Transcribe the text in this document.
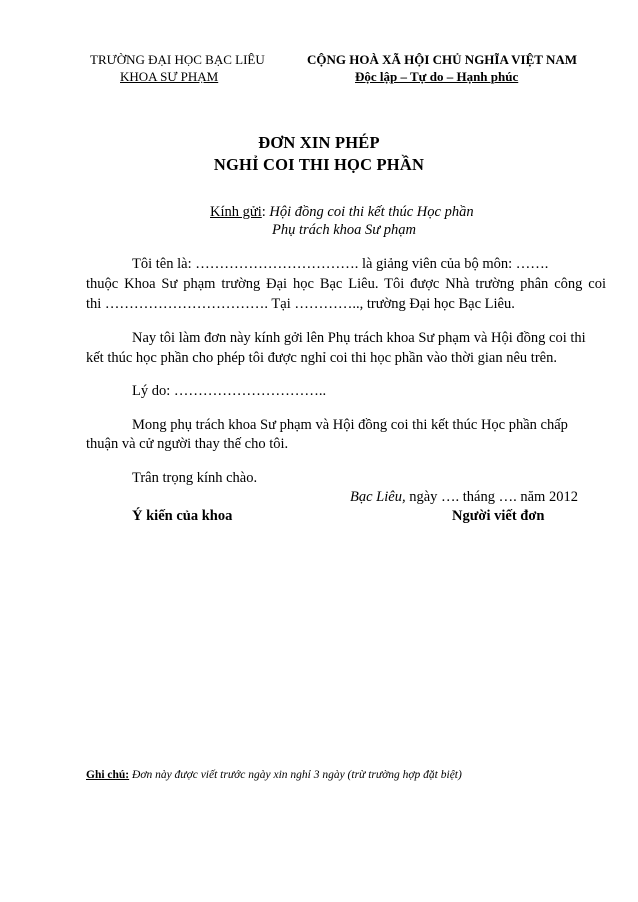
TRƯỜNG ĐẠI HỌC BẠC LIÊU
KHOA SƯ PHẠM
CỘNG HOÀ XÃ HỘI CHỦ NGHĨA VIỆT NAM
Độc lập – Tự do – Hạnh phúc
ĐƠN XIN PHÉP
NGHỈ COI THI HỌC PHẦN
Kính gửi: Hội đồng coi thi kết thúc Học phần
Phụ trách khoa Sư phạm
Tôi tên là: ……………………………. là giảng viên của bộ môn: …….
thuộc Khoa Sư phạm trường Đại học Bạc Liêu. Tôi được Nhà trường phân công coi
thi ……………………………. Tại ………….., trường Đại học Bạc Liêu.
Nay tôi làm đơn này kính gởi lên Phụ trách khoa Sư phạm và Hội đồng coi thi
kết thúc học phần cho phép tôi được nghỉ coi thi học phần vào thời gian nêu trên.
Lý do: …………………………..
Mong phụ trách khoa Sư phạm và Hội đồng coi thi kết thúc Học phần chấp
thuận và cử người thay thế cho tôi.
Trân trọng kính chào.
Bạc Liêu, ngày …. tháng …. năm 2012
Ý kiến của khoa	Người viết đơn
Ghi chú: Đơn này được viết trước ngày xin nghỉ 3 ngày (trừ trường hợp đặt biệt)
